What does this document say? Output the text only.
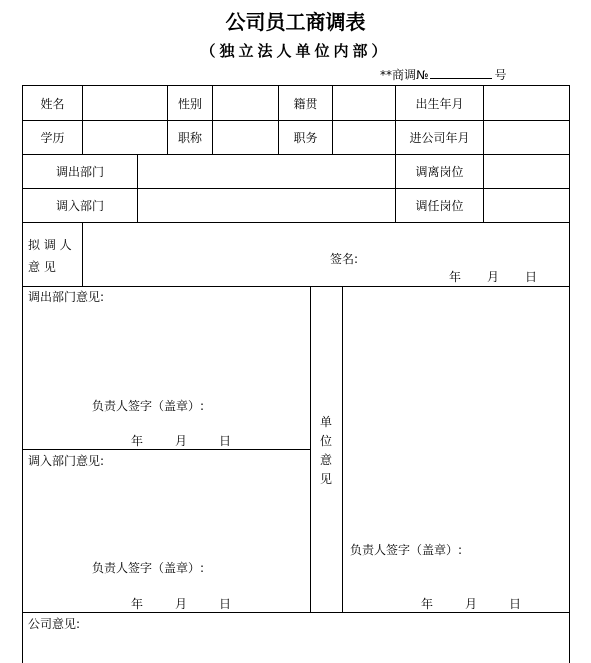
公司员工商调表
（独立法人单位内部）
**商调№	号
姓名	性别	籍贯	出生年月
学历	职称	职务	进公司年月
调出部门	调离岗位
调入部门	调任岗位
拟 调 人
意 见
签名:
年 月 日
调出部门意见:
负责人签字（盖章）:
年	月	日
调入部门意见:
负责人签字（盖章）:
年	月	日
单
位
意
见
负责人签字（盖章）:
年	月	日
公司意见:
